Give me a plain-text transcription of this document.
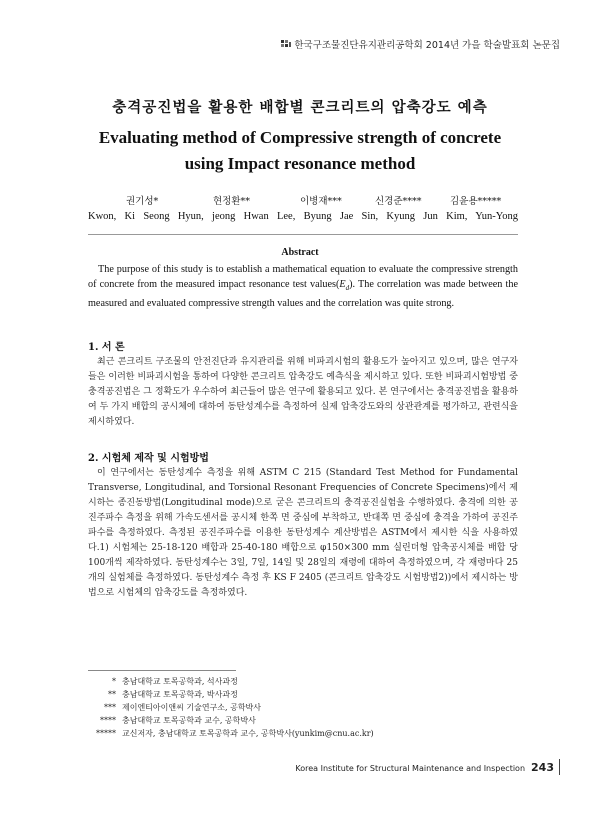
한국구조물진단유지관리공학회 2014년 가을 학술발표회 논문집
충격공진법을 활용한 배합별 콘크리트의 압축강도 예측
Evaluating method of Compressive strength of concrete
using Impact resonance method
권기성*	현정환**	이병재***	신경준****	김윤용*****
Kwon, Ki Seong Hyun, jeong Hwan Lee, Byung Jae Sin, Kyung Jun Kim, Yun-Yong
Abstract
The purpose of this study is to establish a mathematical equation to evaluate the compressive strength of concrete from the measured impact resonance test $values(E_d)$. The correlation was made between the measured and evaluated compressive strength values and the correlation was quite strong.
1. 서 론
최근 콘크리트 구조물의 안전진단과 유지관리를 위해 비파괴시험의 활용도가 높아지고 있으며, 많은 연구자들은 이러한 비파괴시험을 통하여 다양한 콘크리트 압축강도 예측식을 제시하고 있다. 또한 비파괴시험방법 중 충격공진법은 그 정확도가 우수하여 최근들어 많은 연구에 활용되고 있다. 본 연구에서는 충격공진법을 활용하여 두 가지 배합의 공시체에 대하여 동탄성계수를 측정하여 실제 압축강도와의 상관관계를 평가하고, 관련식을 제시하였다.
2. 시험체 제작 및 시험방법
이 연구에서는 동탄성계수 측정을 위해 ASTM C 215 (Standard Test Method for Fundamental Transverse, Longitudinal, and Torsional Resonant Frequencies of Concrete Specimens)에서 제시하는 종진동방법(Longitudinal mode)으로 굳은 콘크리트의 충격공진실험을 수행하였다. 충격에 의한 공진주파수 측정을 위해 가속도센서를 공시체 한쪽 면 중심에 부착하고, 반대쪽 면 중심에 충격을 가하여 공진주파수를 측정하였다. 측정된 공진주파수를 이용한 동탄성계수 계산방법은 ASTM에서 제시한 식을 사용하였다.1) 시험체는 25-18-120 배합과 25-40-180 배합으로 φ150×300 mm 실린더형 압축공시체를 배합 당 100개씩 제작하였다. 동탄성계수는 3일, 7일, 14일 및 28일의 재령에 대하여 측정하였으며, 각 재령마다 25개의 실험체를 측정하였다. 동탄성계수 측정 후 KS F 2405 (콘크리트 압축강도 시험방법2))에서 제시하는 방법으로 시험체의 압축강도를 측정하였다.
* 충남대학교 토목공학과, 석사과정
** 충남대학교 토목공학과, 박사과정
*** 제이엔티아이앤씨 기술연구소, 공학박사
**** 충남대학교 토목공학과 교수, 공학박사
***** 교신저자, 충남대학교 토목공학과 교수, 공학박사(yunkim@cnu.ac.kr)
Korea Institute for Structural Maintenance and Inspection 243
